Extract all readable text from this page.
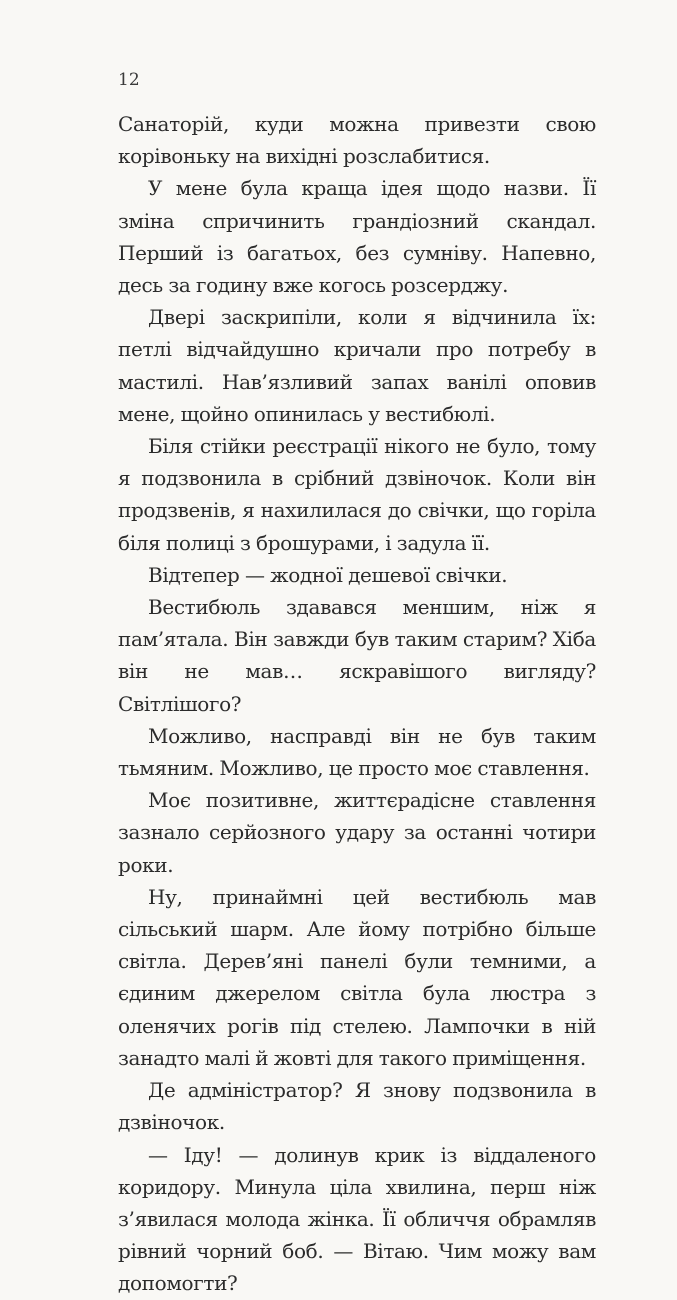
12

Санаторій, куди можна привезти свою корівоньку на вихідні розслабитися.

У мене була краща ідея щодо назви. Її зміна спричинить грандіозний скандал. Перший із багатьох, без сумніву. Напевно, десь за годину вже когось розсерджу.

Двері заскрипіли, коли я відчинила їх: петлі відчайдушно кричали про потребу в мастилі. Нав’язливий запах ванілі оповив мене, щойно опинилась у вестибюлі.

Біля стійки реєстрації нікого не було, тому я подзвонила в срібний дзвіночок. Коли він продзвенів, я нахилилася до свічки, що горіла біля полиці з брошурами, і задула її.

Відтепер — жодної дешевої свічки.

Вестибюль здавався меншим, ніж я пам’ятала. Він завжди був таким старим? Хіба він не мав… яскравішого вигляду? Світлішого?

Можливо, насправді він не був таким тьмяним. Можливо, це просто моє ставлення.

Моє позитивне, життєрадісне ставлення зазнало серйозного удару за останні чотири роки.

Ну, принаймні цей вестибюль мав сільський шарм. Але йому потрібно більше світла. Дерев’яні панелі були темними, а єдиним джерелом світла була люстра з оленячих рогів під стелею. Лампочки в ній занадто малі й жовті для такого приміщення.

Де адміністратор? Я знову подзвонила в дзвіночок.

— Іду! — долинув крик із віддаленого коридору. Минула ціла хвилина, перш ніж з’явилася молода жінка. Її обличчя обрамляв рівний чорний боб. — Вітаю. Чим можу вам допомогти?
